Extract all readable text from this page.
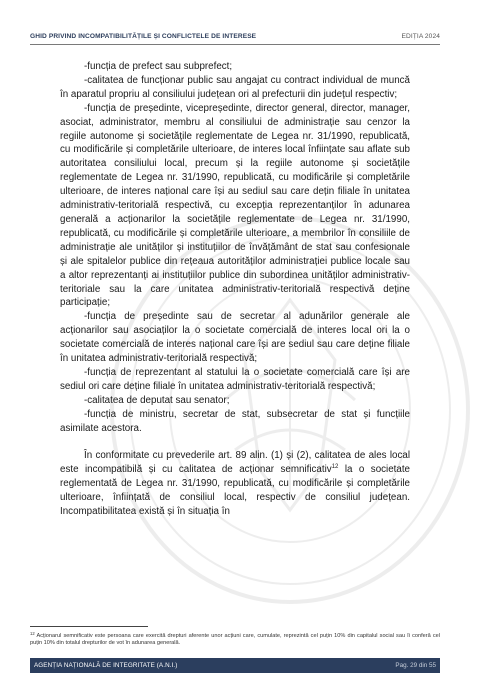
GHID PRIVIND INCOMPATIBILITĂȚILE ȘI CONFLICTELE DE INTERESE	EDIȚIA 2024

-funcția de prefect sau subprefect;

-calitatea de funcționar public sau angajat cu contract individual de muncă în aparatul propriu al consiliului județean ori al prefecturii din județul respectiv;

-funcția de președinte, vicepreședinte, director general, director, manager, asociat, administrator, membru al consiliului de administrație sau cenzor la regiile autonome și societățile reglementate de Legea nr. 31/1990, republicată, cu modificările și completările ulterioare, de interes local înființate sau aflate sub autoritatea consiliului local, precum și la regiile autonome și societățile reglementate de Legea nr. 31/1990, republicată, cu modificările și completările ulterioare, de interes național care își au sediul sau care dețin filiale în unitatea administrativ-teritorială respectivă, cu excepția reprezentanților în adunarea generală a acționarilor la societățile reglementate de Legea nr. 31/1990, republicată, cu modificările și completările ulterioare, a membrilor în consiliile de administrație ale unităților și instituțiilor de învățământ de stat sau confesionale și ale spitalelor publice din rețeaua autorităților administrației publice locale sau a altor reprezentanți ai instituțiilor publice din subordinea unităților administrativ-teritoriale sau la care unitatea administrativ-teritorială respectivă deține participație;

-funcția de președinte sau de secretar al adunărilor generale ale acționarilor sau asociaților la o societate comercială de interes local ori la o societate comercială de interes național care își are sediul sau care deține filiale în unitatea administrativ-teritorială respectivă;

-funcția de reprezentant al statului la o societate comercială care își are sediul ori care deține filiale în unitatea administrativ-teritorială respectivă;

-calitatea de deputat sau senator;

-funcția de ministru, secretar de stat, subsecretar de stat și funcțiile asimilate acestora.

În conformitate cu prevederile art. 89 alin. (1) și (2), calitatea de ales local este incompatibilă și cu calitatea de acționar semnificativ$^{12}$ la o societate reglementată de Legea nr. 31/1990, republicată, cu modificările și completările ulterioare, înființată de consiliul local, respectiv de consiliul județean. Incompatibilitatea există și în situația în

$^{12}$ Acționarul semnificativ este persoana care exercită drepturi aferente unor acțiuni care, cumulate, reprezintă cel puțin 10% din capitalul social sau îi conferă cel puțin 10% din totalul drepturilor de vot în adunarea generală.
AGENȚIA NAȚIONALĂ DE INTEGRITATE (A.N.I.)	Pag. 29 din 55
